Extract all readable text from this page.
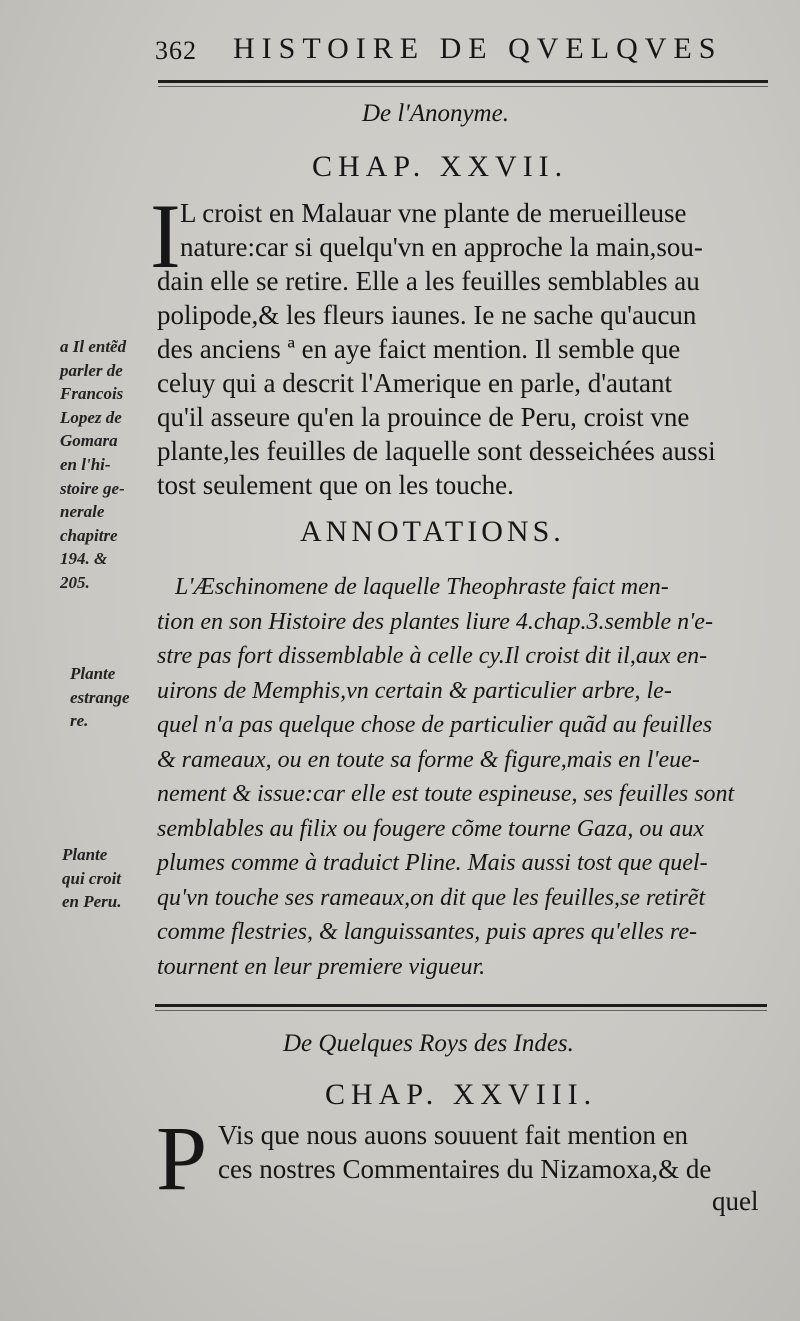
362 HISTOIRE DE QVELQVES
De l'Anonyme.
CHAP. XXVII.
I L croist en Malauar vne plante de merueilleuse
nature:car si quelqu'vn en approche la main,sou-
dain elle se retire. Elle a les feuilles semblables au
polipode,& les fleurs iaunes. Ie ne sache qu'aucun
des anciens ª en aye faict mention. Il semble que
celuy qui a descrit l'Amerique en parle, d'autant
qu'il asseure qu'en la prouince de Peru, croist vne
plante,les feuilles de laquelle sont desseichées aussi
tost seulement que on les touche.
a Il entẽd
parler de
Francois
Lopez de
Gomara
en l'hi-
stoire ge-
nerale
chapitre
194. &
205.
Plante
estrange
re.
Plante
qui croit
en Peru.
ANNOTATIONS.
L'Æschinomene de laquelle Theophraste faict men-
tion en son Histoire des plantes liure 4.chap.3.semble n'e-
stre pas fort dissemblable à celle cy.Il croist dit il,aux en-
uirons de Memphis,vn certain & particulier arbre, le-
quel n'a pas quelque chose de particulier quãd au feuilles
& rameaux, ou en toute sa forme & figure,mais en l'eue-
nement & issue:car elle est toute espineuse, ses feuilles sont
semblables au filix ou fougere cõme tourne Gaza, ou aux
plumes comme à traduict Pline. Mais aussi tost que quel-
qu'vn touche ses rameaux,on dit que les feuilles,se retirẽt
comme flestries, & languissantes, puis apres qu'elles re-
tournent en leur premiere vigueur.
De Quelques Roys des Indes.
CHAP. XXVIII.
P Vis que nous auons souuent fait mention en
ces nostres Commentaires du Nizamoxa,& de
quel
